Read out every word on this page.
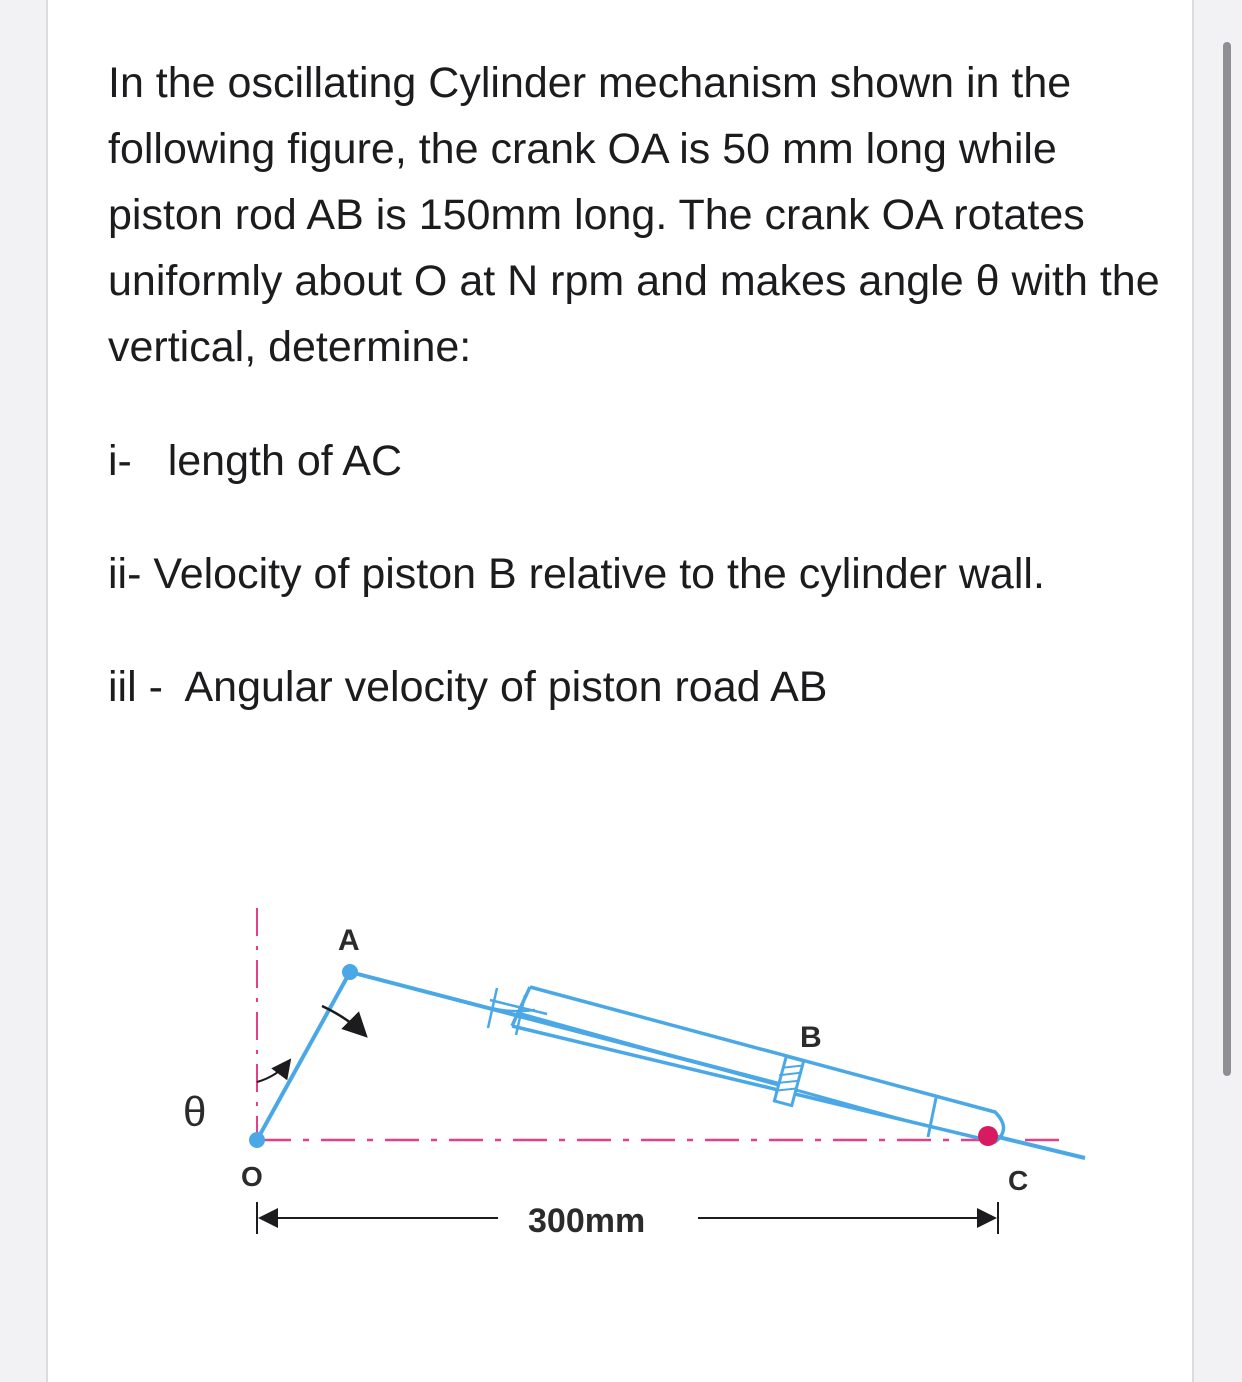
In the oscillating Cylinder mechanism shown in the following figure, the crank OA is 50 mm long while piston rod AB is 150mm long. The crank OA rotates uniformly about O at N rpm and makes angle θ with the vertical, determine:

i- length of AC

ii- Velocity of piston B relative to the cylinder wall.

iil - Angular velocity of piston road AB

A
B
O	C
θ
300mm
